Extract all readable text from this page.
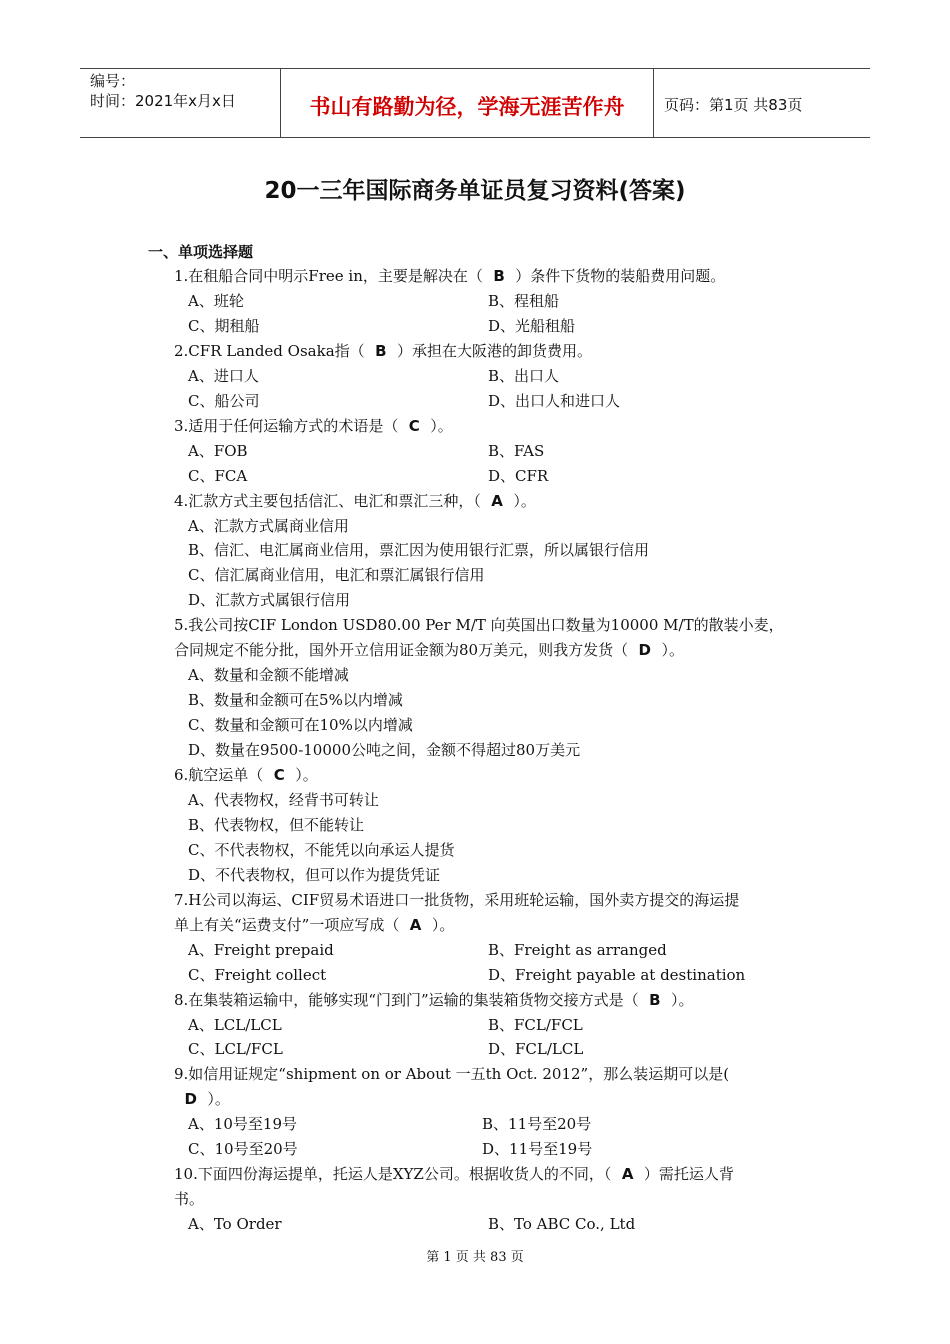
编号：
时间：2021年x月x日	书山有路勤为径，学海无涯苦作舟	页码：第1页 共83页
20一三年国际商务单证员复习资料(答案)
一、单项选择题
1.在租船合同中明示Free in，主要是解决在（  B  ）条件下货物的装船费用问题。
A、班轮	B、程租船
C、期租船	D、光船租船
2.CFR Landed Osaka指（  B  ）承担在大阪港的卸货费用。
A、进口人	B、出口人
C、船公司	D、出口人和进口人
3.适用于任何运输方式的术语是（  C  ）。
A、FOB	B、FAS
C、FCA	D、CFR
4.汇款方式主要包括信汇、电汇和票汇三种，（  A  ）。
A、汇款方式属商业信用
B、信汇、电汇属商业信用，票汇因为使用银行汇票，所以属银行信用
C、信汇属商业信用，电汇和票汇属银行信用
D、汇款方式属银行信用
5.我公司按CIF London USD80.00 Per M/T 向英国出口数量为10000 M/T的散装小麦，
合同规定不能分批，国外开立信用证金额为80万美元，则我方发货（  D  ）。
A、数量和金额不能增减
B、数量和金额可在5%以内增减
C、数量和金额可在10%以内增减
D、数量在9500-10000公吨之间，金额不得超过80万美元
6.航空运单（  C  ）。
A、代表物权，经背书可转让
B、代表物权，但不能转让
C、不代表物权，不能凭以向承运人提货
D、不代表物权，但可以作为提货凭证
7.H公司以海运、CIF贸易术语进口一批货物，采用班轮运输，国外卖方提交的海运提
单上有关“运费支付”一项应写成（  A  ）。
A、Freight prepaid	B、Freight as arranged
C、Freight collect	D、Freight payable at destination
8.在集装箱运输中，能够实现“门到门”运输的集装箱货物交接方式是（  B  ）。
A、LCL/LCL	B、FCL/FCL
C、LCL/FCL	D、FCL/LCL
9.如信用证规定“shipment on or About 一五th Oct. 2012”，那么装运期可以是(
D  ）。
A、10号至19号	B、11号至20号
C、10号至20号	D、11号至19号
10.下面四份海运提单，托运人是XYZ公司。根据收货人的不同，（  A  ）需托运人背
书。
A、To Order	B、To ABC Co., Ltd
第 1 页 共 83 页
